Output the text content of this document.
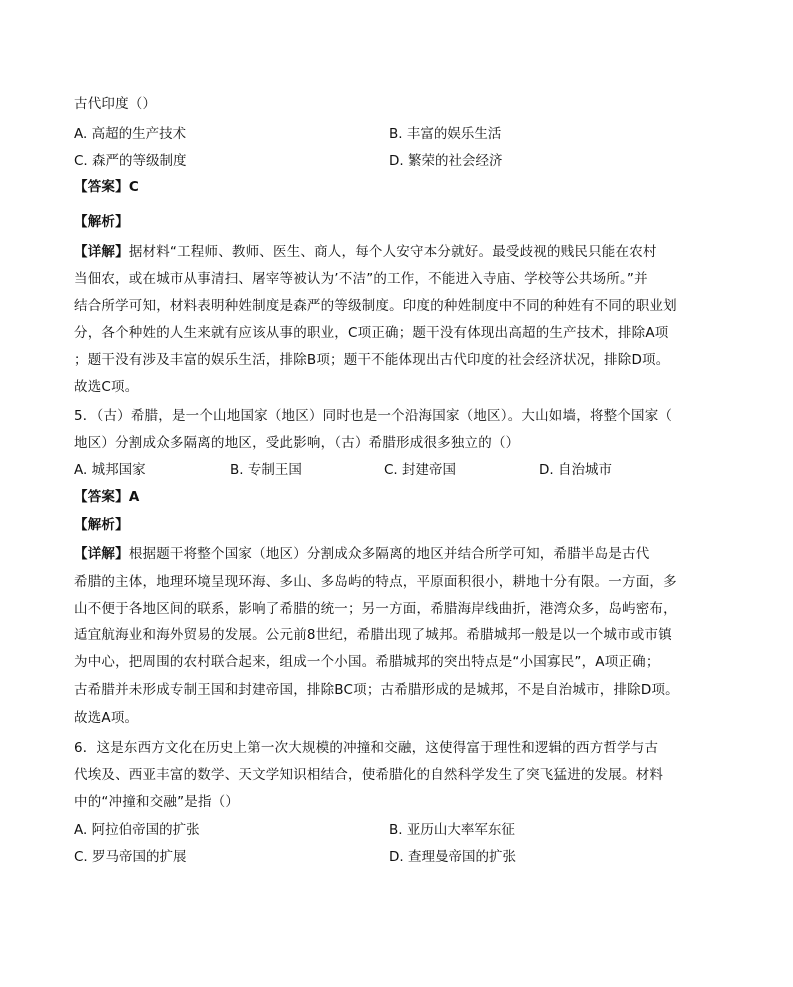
古代印度（）
A. 高超的生产技术	B. 丰富的娱乐生活
C. 森严的等级制度	D. 繁荣的社会经济
【答案】C
【解析】
【详解】据材料“工程师、教师、医生、商人，每个人安守本分就好。最受歧视的贱民只能在农村
当佃农，或在城市从事清扫、屠宰等被认为’不洁”的工作，不能进入寺庙、学校等公共场所。”并
结合所学可知，材料表明种姓制度是森严的等级制度。印度的种姓制度中不同的种姓有不同的职业划
分，各个种姓的人生来就有应该从事的职业，C项正确；题干没有体现出高超的生产技术，排除A项
；题干没有涉及丰富的娱乐生活，排除B项；题干不能体现出古代印度的社会经济状况，排除D项。
故选C项。
5．（古）希腊，是一个山地国家（地区）同时也是一个沿海国家（地区）。大山如墙，将整个国家（
地区）分割成众多隔离的地区，受此影响，（古）希腊形成很多独立的（）
A. 城邦国家	B. 专制王国	C. 封建帝国	D. 自治城市
【答案】A
【解析】
【详解】根据题干将整个国家（地区）分割成众多隔离的地区并结合所学可知，希腊半岛是古代
希腊的主体，地理环境呈现环海、多山、多岛屿的特点，平原面积很小，耕地十分有限。一方面，多
山不便于各地区间的联系，影响了希腊的统一；另一方面，希腊海岸线曲折，港湾众多，岛屿密布，
适宜航海业和海外贸易的发展。公元前8世纪，希腊出现了城邦。希腊城邦一般是以一个城市或市镇
为中心，把周围的农村联合起来，组成一个小国。希腊城邦的突出特点是“小国寡民”，A项正确；
古希腊并未形成专制王国和封建帝国，排除BC项；古希腊形成的是城邦，不是自治城市，排除D项。
故选A项。
6．这是东西方文化在历史上第一次大规模的冲撞和交融，这使得富于理性和逻辑的西方哲学与古
代埃及、西亚丰富的数学、天文学知识相结合，使希腊化的自然科学发生了突飞猛进的发展。材料
中的“冲撞和交融”是指（）
A. 阿拉伯帝国的扩张	B. 亚历山大率军东征
C. 罗马帝国的扩展	D. 查理曼帝国的扩张
